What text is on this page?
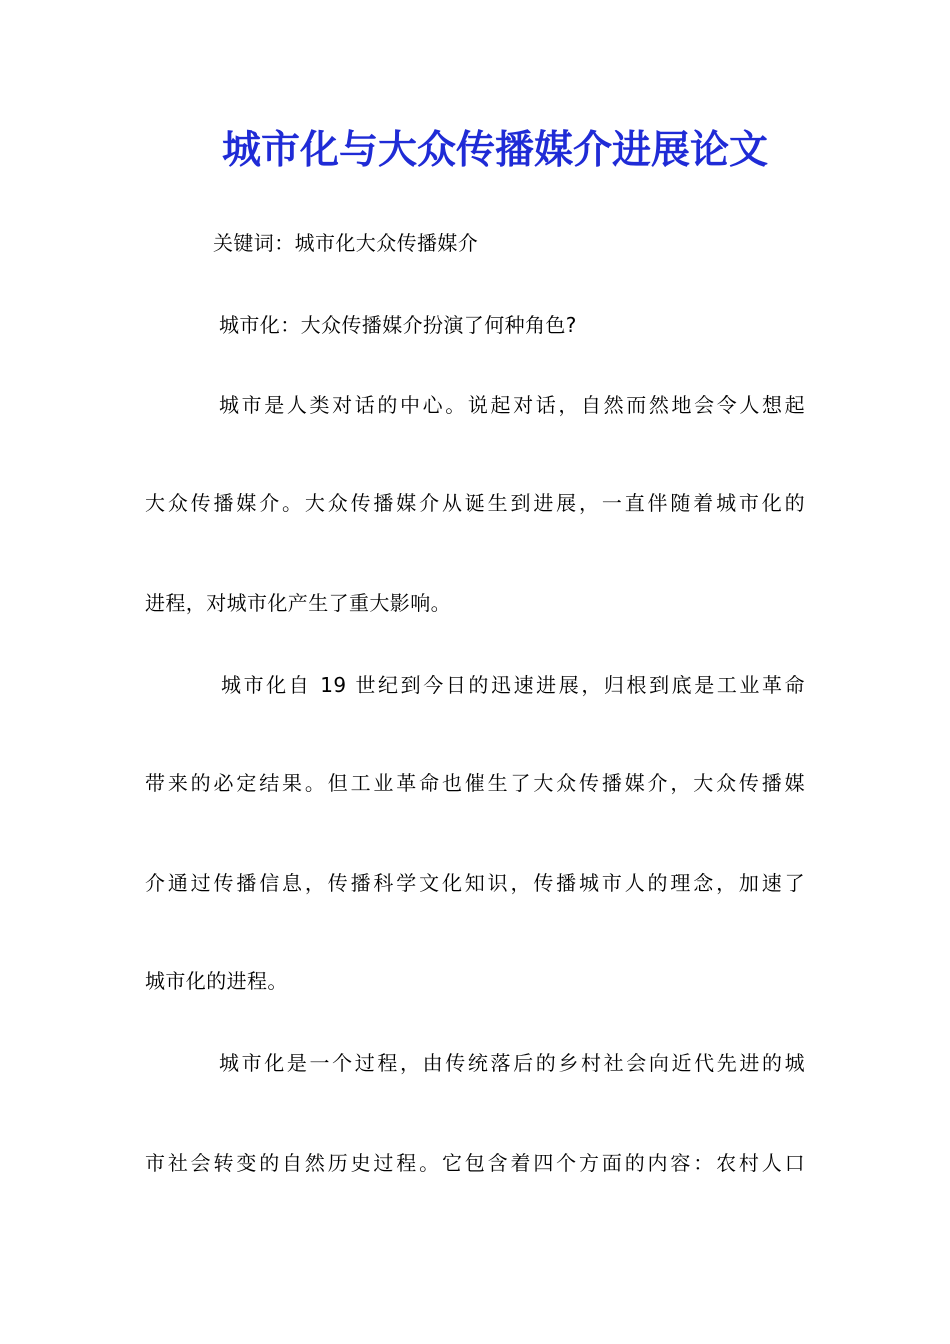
城市化与大众传播媒介进展论文
关键词：城市化大众传播媒介
城市化：大众传播媒介扮演了何种角色?
城市是人类对话的中心。说起对话，自然而然地会令人想起
大众传播媒介。大众传播媒介从诞生到进展，一直伴随着城市化的
进程，对城市化产生了重大影响。
城市化自 19 世纪到今日的迅速进展，归根到底是工业革命
带来的必定结果。但工业革命也催生了大众传播媒介，大众传播媒
介通过传播信息，传播科学文化知识，传播城市人的理念，加速了
城市化的进程。
城市化是一个过程，由传统落后的乡村社会向近代先进的城
市社会转变的自然历史过程。它包含着四个方面的内容：农村人口
